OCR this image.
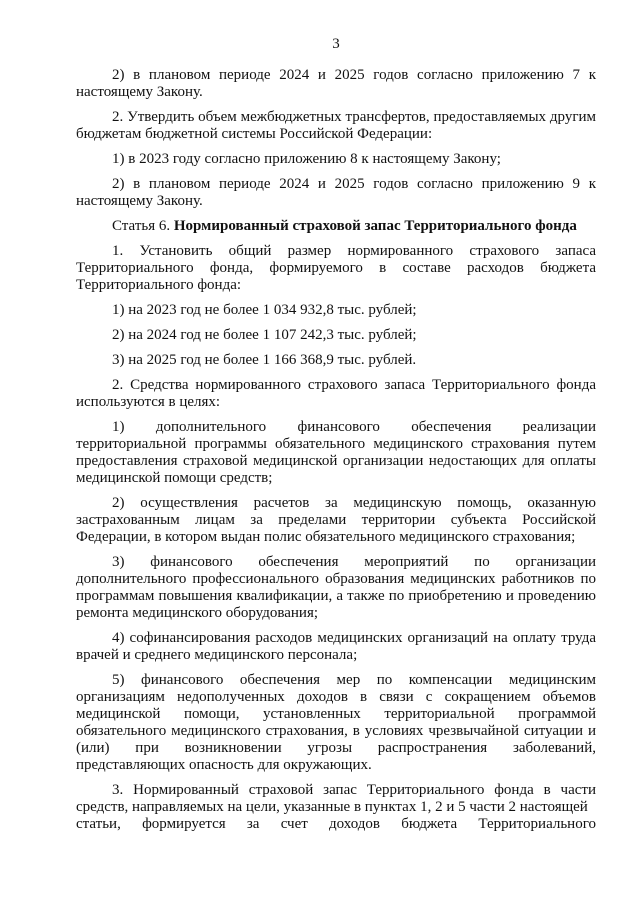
3

2) в плановом периоде 2024 и 2025 годов согласно приложению 7 к настоящему Закону.

2. Утвердить объем межбюджетных трансфертов, предоставляемых другим бюджетам бюджетной системы Российской Федерации:

1) в 2023 году согласно приложению 8 к настоящему Закону;

2) в плановом периоде 2024 и 2025 годов согласно приложению 9 к настоящему Закону.

Статья 6. Нормированный страховой запас Территориального фонда

1. Установить общий размер нормированного страхового запаса Территориального фонда, формируемого в составе расходов бюджета Территориального фонда:

1) на 2023 год не более 1 034 932,8 тыс. рублей;

2) на 2024 год не более 1 107 242,3 тыс. рублей;

3) на 2025 год не более 1 166 368,9 тыс. рублей.

2. Средства нормированного страхового запаса Территориального фонда используются в целях:

1) дополнительного финансового обеспечения реализации территориальной программы обязательного медицинского страхования путем предоставления страховой медицинской организации недостающих для оплаты медицинской помощи средств;

2) осуществления расчетов за медицинскую помощь, оказанную застрахованным лицам за пределами территории субъекта Российской Федерации, в котором выдан полис обязательного медицинского страхования;

3) финансового обеспечения мероприятий по организации дополнительного профессионального образования медицинских работников по программам повышения квалификации, а также по приобретению и проведению ремонта медицинского оборудования;

4) софинансирования расходов медицинских организаций на оплату труда врачей и среднего медицинского персонала;

5) финансового обеспечения мер по компенсации медицинским организациям недополученных доходов в связи с сокращением объемов медицинской помощи, установленных территориальной программой обязательного медицинского страхования, в условиях чрезвычайной ситуации и (или) при возникновении угрозы распространения заболеваний, представляющих опасность для окружающих.

3. Нормированный страховой запас Территориального фонда в части средств, направляемых на цели, указанные в пунктах 1, 2 и 5 части 2 настоящей

статьи, формируется за счет доходов бюджета Территориального
